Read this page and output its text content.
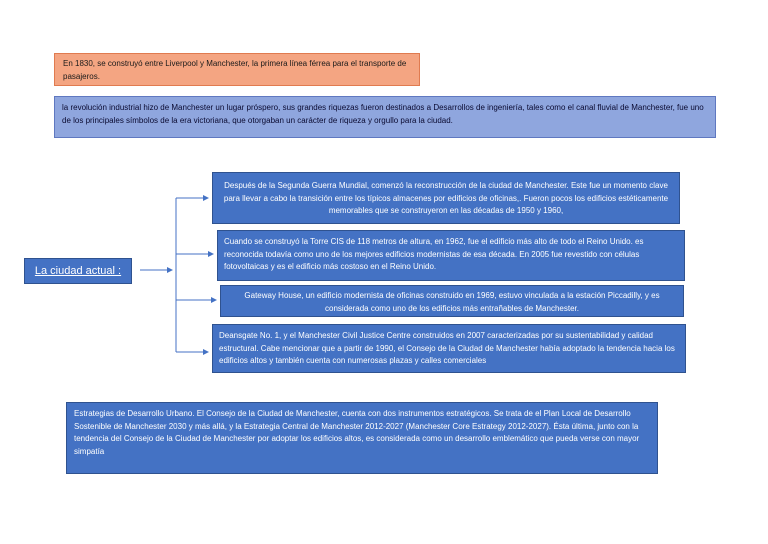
En 1830, se construyó entre Liverpool y Manchester, la primera línea férrea para el transporte de pasajeros.
la revolución industrial hizo de Manchester un lugar próspero, sus grandes riquezas fueron destinados a Desarrollos de ingeniería, tales como el canal fluvial de Manchester, fue uno de los principales símbolos de la era victoriana, que otorgaban un carácter de riqueza y orgullo para la ciudad.
La ciudad actual :
Después de la Segunda Guerra Mundial, comenzó la reconstrucción de la ciudad de Manchester. Este fue un momento clave para llevar a cabo la transición entre los típicos almacenes por edificios de oficinas,. Fueron pocos los edificios estéticamente memorables que se construyeron en las décadas de 1950 y 1960,
Cuando se construyó la Torre CIS de 118 metros de altura, en 1962, fue el edificio más alto de todo el Reino Unido. es reconocida todavía como uno de los mejores edificios modernistas de esa década. En 2005 fue revestido con células fotovoltaicas y es el edificio más costoso en el Reino Unido.
Gateway House, un edificio modernista de oficinas construido en 1969, estuvo vinculada a la estación Piccadilly, y es considerada como uno de los edificios más entrañables de Manchester.
Deansgate No. 1, y el Manchester Civil Justice Centre construidos en 2007 caracterizadas por su sustentabilidad y calidad estructural. Cabe mencionar que a partir de 1990, el Consejo de la Ciudad de Manchester había adoptado la tendencia hacia los edificios altos y también cuenta con numerosas plazas y calles comerciales
Estrategias de Desarrollo Urbano. El Consejo de la Ciudad de Manchester, cuenta con dos instrumentos estratégicos. Se trata de el Plan Local de Desarrollo Sostenible de Manchester 2030 y más allá, y la Estrategia Central de Manchester 2012-2027 (Manchester Core Estrategy 2012-2027). Ésta última, junto con la tendencia del Consejo de la Ciudad de Manchester por adoptar los edificios altos, es considerada como un desarrollo emblemático que pueda verse con mayor simpatía
